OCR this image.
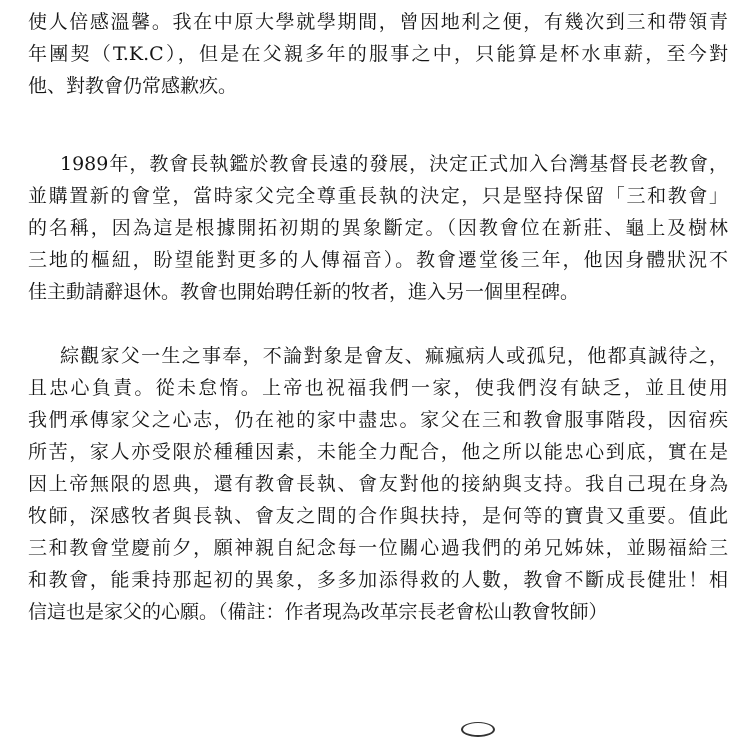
使人倍感溫馨。我在中原大學就學期間，曾因地利之便，有幾次到三和帶領青
年團契（T.K.C），但是在父親多年的服事之中，只能算是杯水車薪，至今對
他、對教會仍常感歉疚。
1989年，教會長執鑑於教會長遠的發展，決定正式加入台灣基督長老教會，
並購置新的會堂，當時家父完全尊重長執的決定，只是堅持保留「三和教會」
的名稱，因為這是根據開拓初期的異象斷定。（因教會位在新莊、龜上及樹林
三地的樞紐，盼望能對更多的人傳福音）。教會遷堂後三年，他因身體狀況不
佳主動請辭退休。教會也開始聘任新的牧者，進入另一個里程碑。
綜觀家父一生之事奉，不論對象是會友、痲瘋病人或孤兒，他都真誠待之，
且忠心負責。從未怠惰。上帝也祝福我們一家，使我們沒有缺乏，並且使用
我們承傳家父之心志，仍在祂的家中盡忠。家父在三和教會服事階段，因宿疾
所苦，家人亦受限於種種因素，未能全力配合，他之所以能忠心到底，實在是
因上帝無限的恩典，還有教會長執、會友對他的接納與支持。我自己現在身為
牧師，深感牧者與長執、會友之間的合作與扶持，是何等的寶貴又重要。值此
三和教會堂慶前夕，願神親自紀念每一位關心過我們的弟兄姊妹，並賜福給三
和教會，能秉持那起初的異象，多多加添得救的人數，教會不斷成長健壯！相
信這也是家父的心願。（備註：作者現為改革宗長老會松山教會牧師）
